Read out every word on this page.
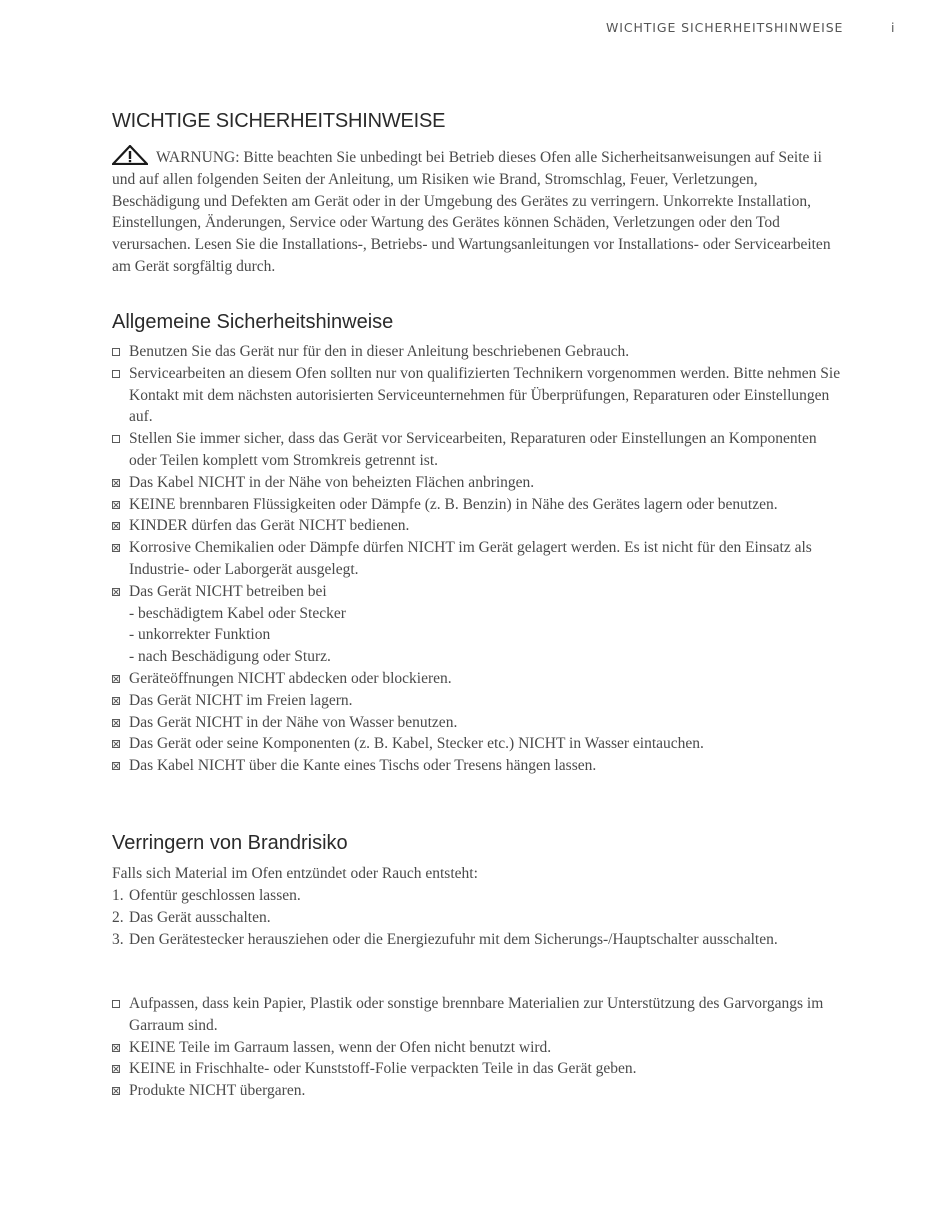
WICHTIGE SICHERHEITSHINWEISE	i
WICHTIGE SICHERHEITSHINWEISE

WARNUNG: Bitte beachten Sie unbedingt bei Betrieb dieses Ofen alle Sicherheitsanweisungen auf Seite ii und auf allen folgenden Seiten der Anleitung, um Risiken wie Brand, Stromschlag, Feuer, Verletzungen, Beschädigung und Defekten am Gerät oder in der Umgebung des Gerätes zu verringern. Unkorrekte Installation, Einstellungen, Änderungen, Service oder Wartung des Gerätes können Schäden, Verletzungen oder den Tod verursachen. Lesen Sie die Installations-, Betriebs- und Wartungsanleitungen vor Installations- oder Servicearbeiten am Gerät sorgfältig durch.

Allgemeine Sicherheitshinweise
Benutzen Sie das Gerät nur für den in dieser Anleitung beschriebenen Gebrauch.
Servicearbeiten an diesem Ofen sollten nur von qualifizierten Technikern vorgenommen werden. Bitte nehmen Sie Kontakt mit dem nächsten autorisierten Serviceunternehmen für Überprüfungen, Reparaturen oder Einstellungen auf.
Stellen Sie immer sicher, dass das Gerät vor Servicearbeiten, Reparaturen oder Einstellungen an Komponenten oder Teilen komplett vom Stromkreis getrennt ist.
Das Kabel NICHT in der Nähe von beheizten Flächen anbringen.
KEINE brennbaren Flüssigkeiten oder Dämpfe (z. B. Benzin) in Nähe des Gerätes lagern oder benutzen.
KINDER dürfen das Gerät NICHT bedienen.
Korrosive Chemikalien oder Dämpfe dürfen NICHT im Gerät gelagert werden. Es ist nicht für den Einsatz als Industrie- oder Laborgerät ausgelegt.
Das Gerät NICHT betreiben bei
- beschädigtem Kabel oder Stecker
- unkorrekter Funktion
- nach Beschädigung oder Sturz.
Geräteöffnungen NICHT abdecken oder blockieren.
Das Gerät NICHT im Freien lagern.
Das Gerät NICHT in der Nähe von Wasser benutzen.
Das Gerät oder seine Komponenten (z. B. Kabel, Stecker etc.) NICHT in Wasser eintauchen.
Das Kabel NICHT über die Kante eines Tischs oder Tresens hängen lassen.
Verringern von Brandrisiko

Falls sich Material im Ofen entzündet oder Rauch entsteht:

1. Ofentür geschlossen lassen.
2. Das Gerät ausschalten.
3. Den Gerätestecker herausziehen oder die Energiezufuhr mit dem Sicherungs-/Hauptschalter ausschalten.
Aufpassen, dass kein Papier, Plastik oder sonstige brennbare Materialien zur Unterstützung des Garvorgangs im Garraum sind.
KEINE Teile im Garraum lassen, wenn der Ofen nicht benutzt wird.
KEINE in Frischhalte- oder Kunststoff-Folie verpackten Teile in das Gerät geben.
Produkte NICHT übergaren.
